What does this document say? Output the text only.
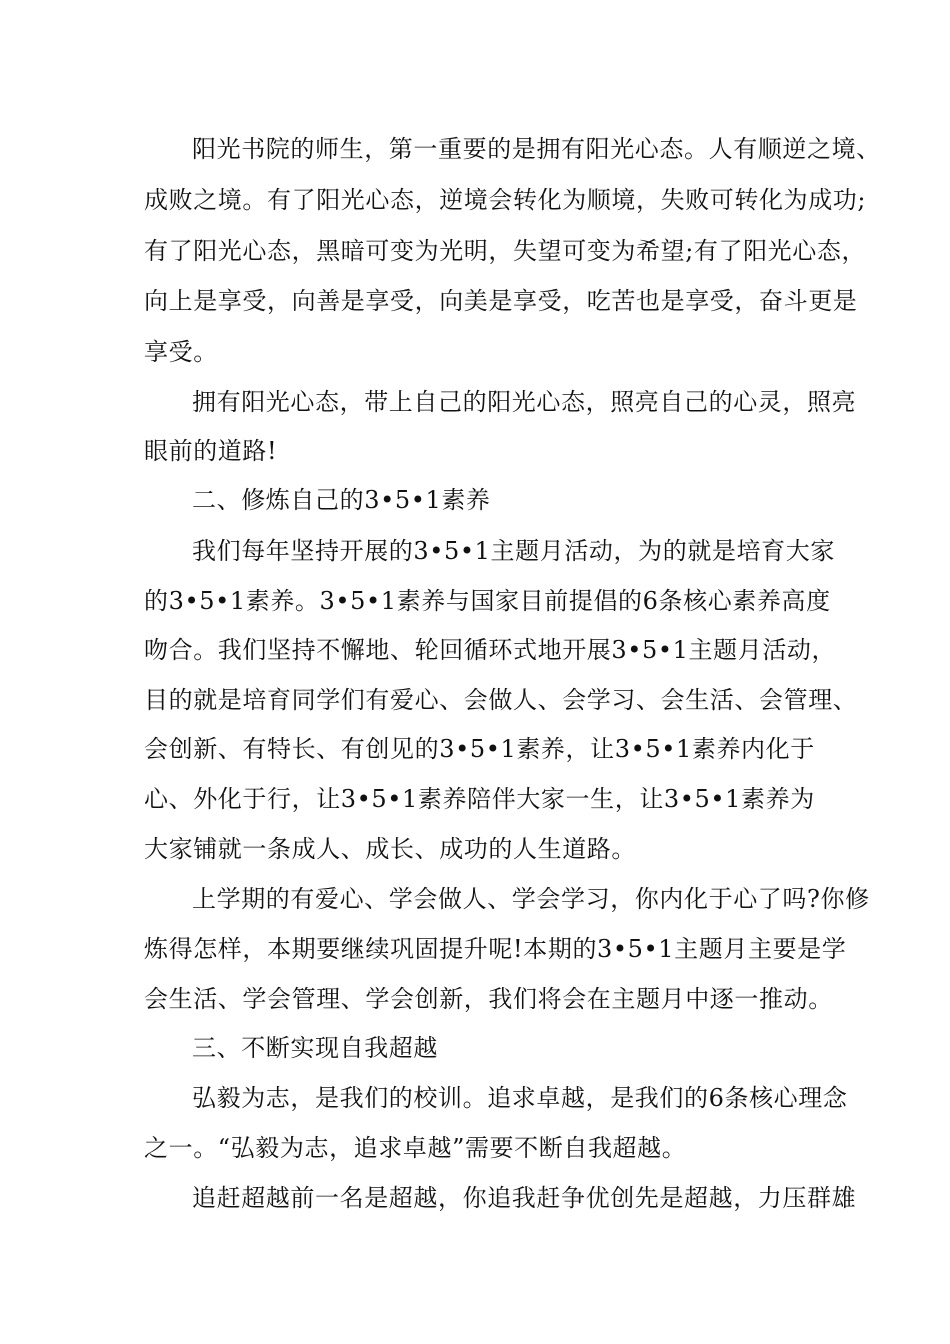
阳光书院的师生，第一重要的是拥有阳光心态。人有顺逆之境、
成败之境。有了阳光心态，逆境会转化为顺境，失败可转化为成功;
有了阳光心态，黑暗可变为光明，失望可变为希望;有了阳光心态，
向上是享受，向善是享受，向美是享受，吃苦也是享受，奋斗更是
享受。
拥有阳光心态，带上自己的阳光心态，照亮自己的心灵，照亮
眼前的道路!
二、修炼自己的3•5•1素养
我们每年坚持开展的3•5•1主题月活动，为的就是培育大家
的3•5•1素养。3•5•1素养与国家目前提倡的6条核心素养高度
吻合。我们坚持不懈地、轮回循环式地开展3•5•1主题月活动，
目的就是培育同学们有爱心、会做人、会学习、会生活、会管理、
会创新、有特长、有创见的3•5•1素养，让3•5•1素养内化于
心、外化于行，让3•5•1素养陪伴大家一生，让3•5•1素养为
大家铺就一条成人、成长、成功的人生道路。
上学期的有爱心、学会做人、学会学习，你内化于心了吗?你修
炼得怎样，本期要继续巩固提升呢!本期的3•5•1主题月主要是学
会生活、学会管理、学会创新，我们将会在主题月中逐一推动。
三、不断实现自我超越
弘毅为志，是我们的校训。追求卓越，是我们的6条核心理念
之一。“弘毅为志，追求卓越”需要不断自我超越。
追赶超越前一名是超越，你追我赶争优创先是超越，力压群雄
